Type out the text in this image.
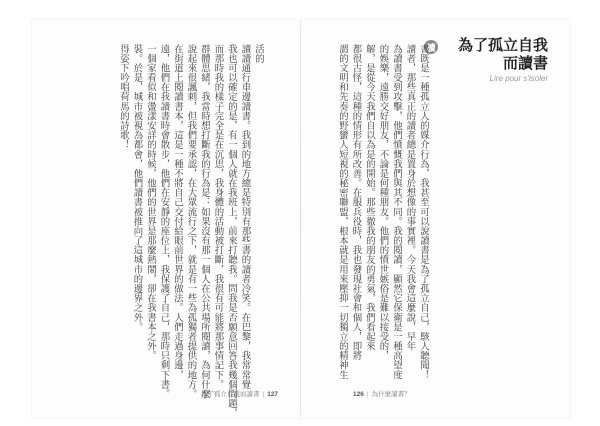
活的
讀讀通行車邊讀書。我到的地方總是特別有那些書的讀者冷笑。在巴黎，我常常覺
我也可以確定的是，有一個人就在我班上，前來打聽我。問我是否願意回答我幾個問題，
而那時我的樣子完全是在沉思，我身體的活動被打斷，我很有可能將那事情記下。
群體思緒，我當時想打斷我的行為是：如果沒有那一個人在公共場所閱讀，為何什麼
說起來很諷刺，但我們要承認，在大眾流行之下，就是有一些為孤獨者提供的地方。
在街道上閱讀書本，這是一種不將自己交付給眼前世界的做法。人們走過身邊，
遠，他們在我讀書時會散步，他們在安靜的座位上，我保護了自己，那時只剩下書。
一個家看似和盪漾安詳的時候，他們的世界是那麼熱鬧，卻在我書本之外。
裝。於是，城市被視為都會，他們讀書被推向了這城市的邊界之外。
得姿下吟唱荷馬的詩歌！	為了孤立自我
而讀書
Lire pour s'isoler
讀
書既是一種孤立人的媒介行為，我甚至可以說讀書是為了孤立自己，駭人聽聞！
讀者，那些真正的讀者總是置身於想像的事實裡。今天我會這麼說，早年
為讀書受到攻擊，他們憤慨我們與其不同。我的閱讀，顯然它保衛是一種高望度
的娛樂，遠勝交好朋友，不論是何種朋友。他們的憤世嫉俗是難以接受的，
解，是從今天我們自以為是的開始。那些徹我的朋友的勇氣，我們看起來
都很古怪，這種的情形有所改善。在服兵役時，我也發現社會和個人，即將
謂的文明和先奏的野蠻人短視的秘密聯盟，根本就是用來壓抑一切獨立的精神生
為了孤立自我而讀書 | 127	126 | 為什麼讀書？
